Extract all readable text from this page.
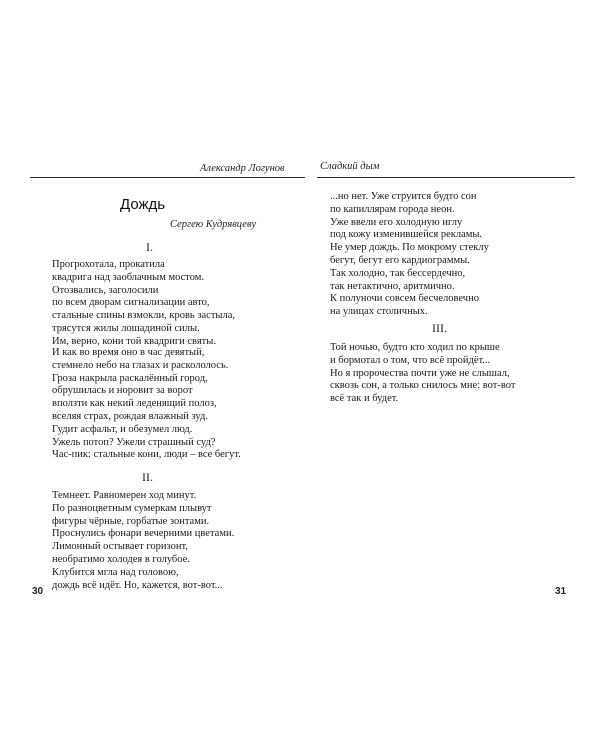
Александр Логунов	Сладкий дым
Дождь
Сергею Кудрявцеву
I.
Прогрохотала, прокатила
квадрига над заоблачным мостом.
Отозвались, заголосили
по всем дворам сигнализации авто,
стальные спины взмокли, кровь застыла,
трясутся жилы лошадиной силы.
Им, верно, кони той квадриги святы.
И как во время оно в час девятый,
стемнело небо на глазах и раскололось.
Гроза накрыла раскалённый город,
обрушилась и норовит за ворот
вползти как некий леденящий полоз,
вселяя страх, рождая влажный зуд.
Гудит асфальт, и обезумел люд.
Ужель потоп? Ужели страшный суд?
Час-пик: стальные кони, люди – все бегут.
II.
Темнеет. Равномерен ход минут.
По разноцветным сумеркам плывут
фигуры чёрные, горбатые зонтами.
Проснулись фонари вечерними цветами.
Лимонный остывает горизонт,
необратимо холодея в голубое.
Клубится мгла над головою,
дождь всё идёт. Но, кажется, вот-вот...
...но нет. Уже струится будто сон
по капиллярам города неон.
Уже ввели его холодную иглу
под кожу изменившейся рекламы.
Не умер дождь. По мокрому стеклу
бегут, бегут его кардиограммы.
Так холодно, так бессердечно,
так нетактично, аритмично.
К полуночи совсем бесчеловечно
на улицах столичных.
III.
Той ночью, будто кто ходил по крыше
и бормотал о том, что всё пройдёт...
Но я пророчества почти уже не слышал,
сквозь сон, а только снилось мне: вот-вот
всё так и будет.
30	31
